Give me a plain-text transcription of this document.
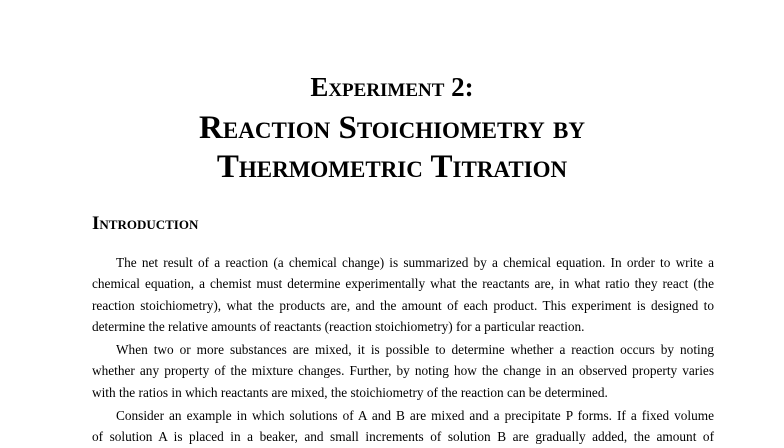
Experiment 2:
Reaction Stoichiometry by
Thermometric Titration
Introduction
The net result of a reaction (a chemical change) is summarized by a chemical equation. In order to write a
chemical equation, a chemist must determine experimentally what the reactants are, in what ratio they react (the
reaction stoichiometry), what the products are, and the amount of each product. This experiment is designed to
determine the relative amounts of reactants (reaction stoichiometry) for a particular reaction.
When two or more substances are mixed, it is possible to determine whether a reaction occurs by noting
whether any property of the mixture changes. Further, by noting how the change in an observed property varies
with the ratios in which reactants are mixed, the stoichiometry of the reaction can be determined.
Consider an example in which solutions of A and B are mixed and a precipitate P forms. If a fixed volume
of solution A is placed in a beaker, and small increments of solution B are gradually added, the amount of
